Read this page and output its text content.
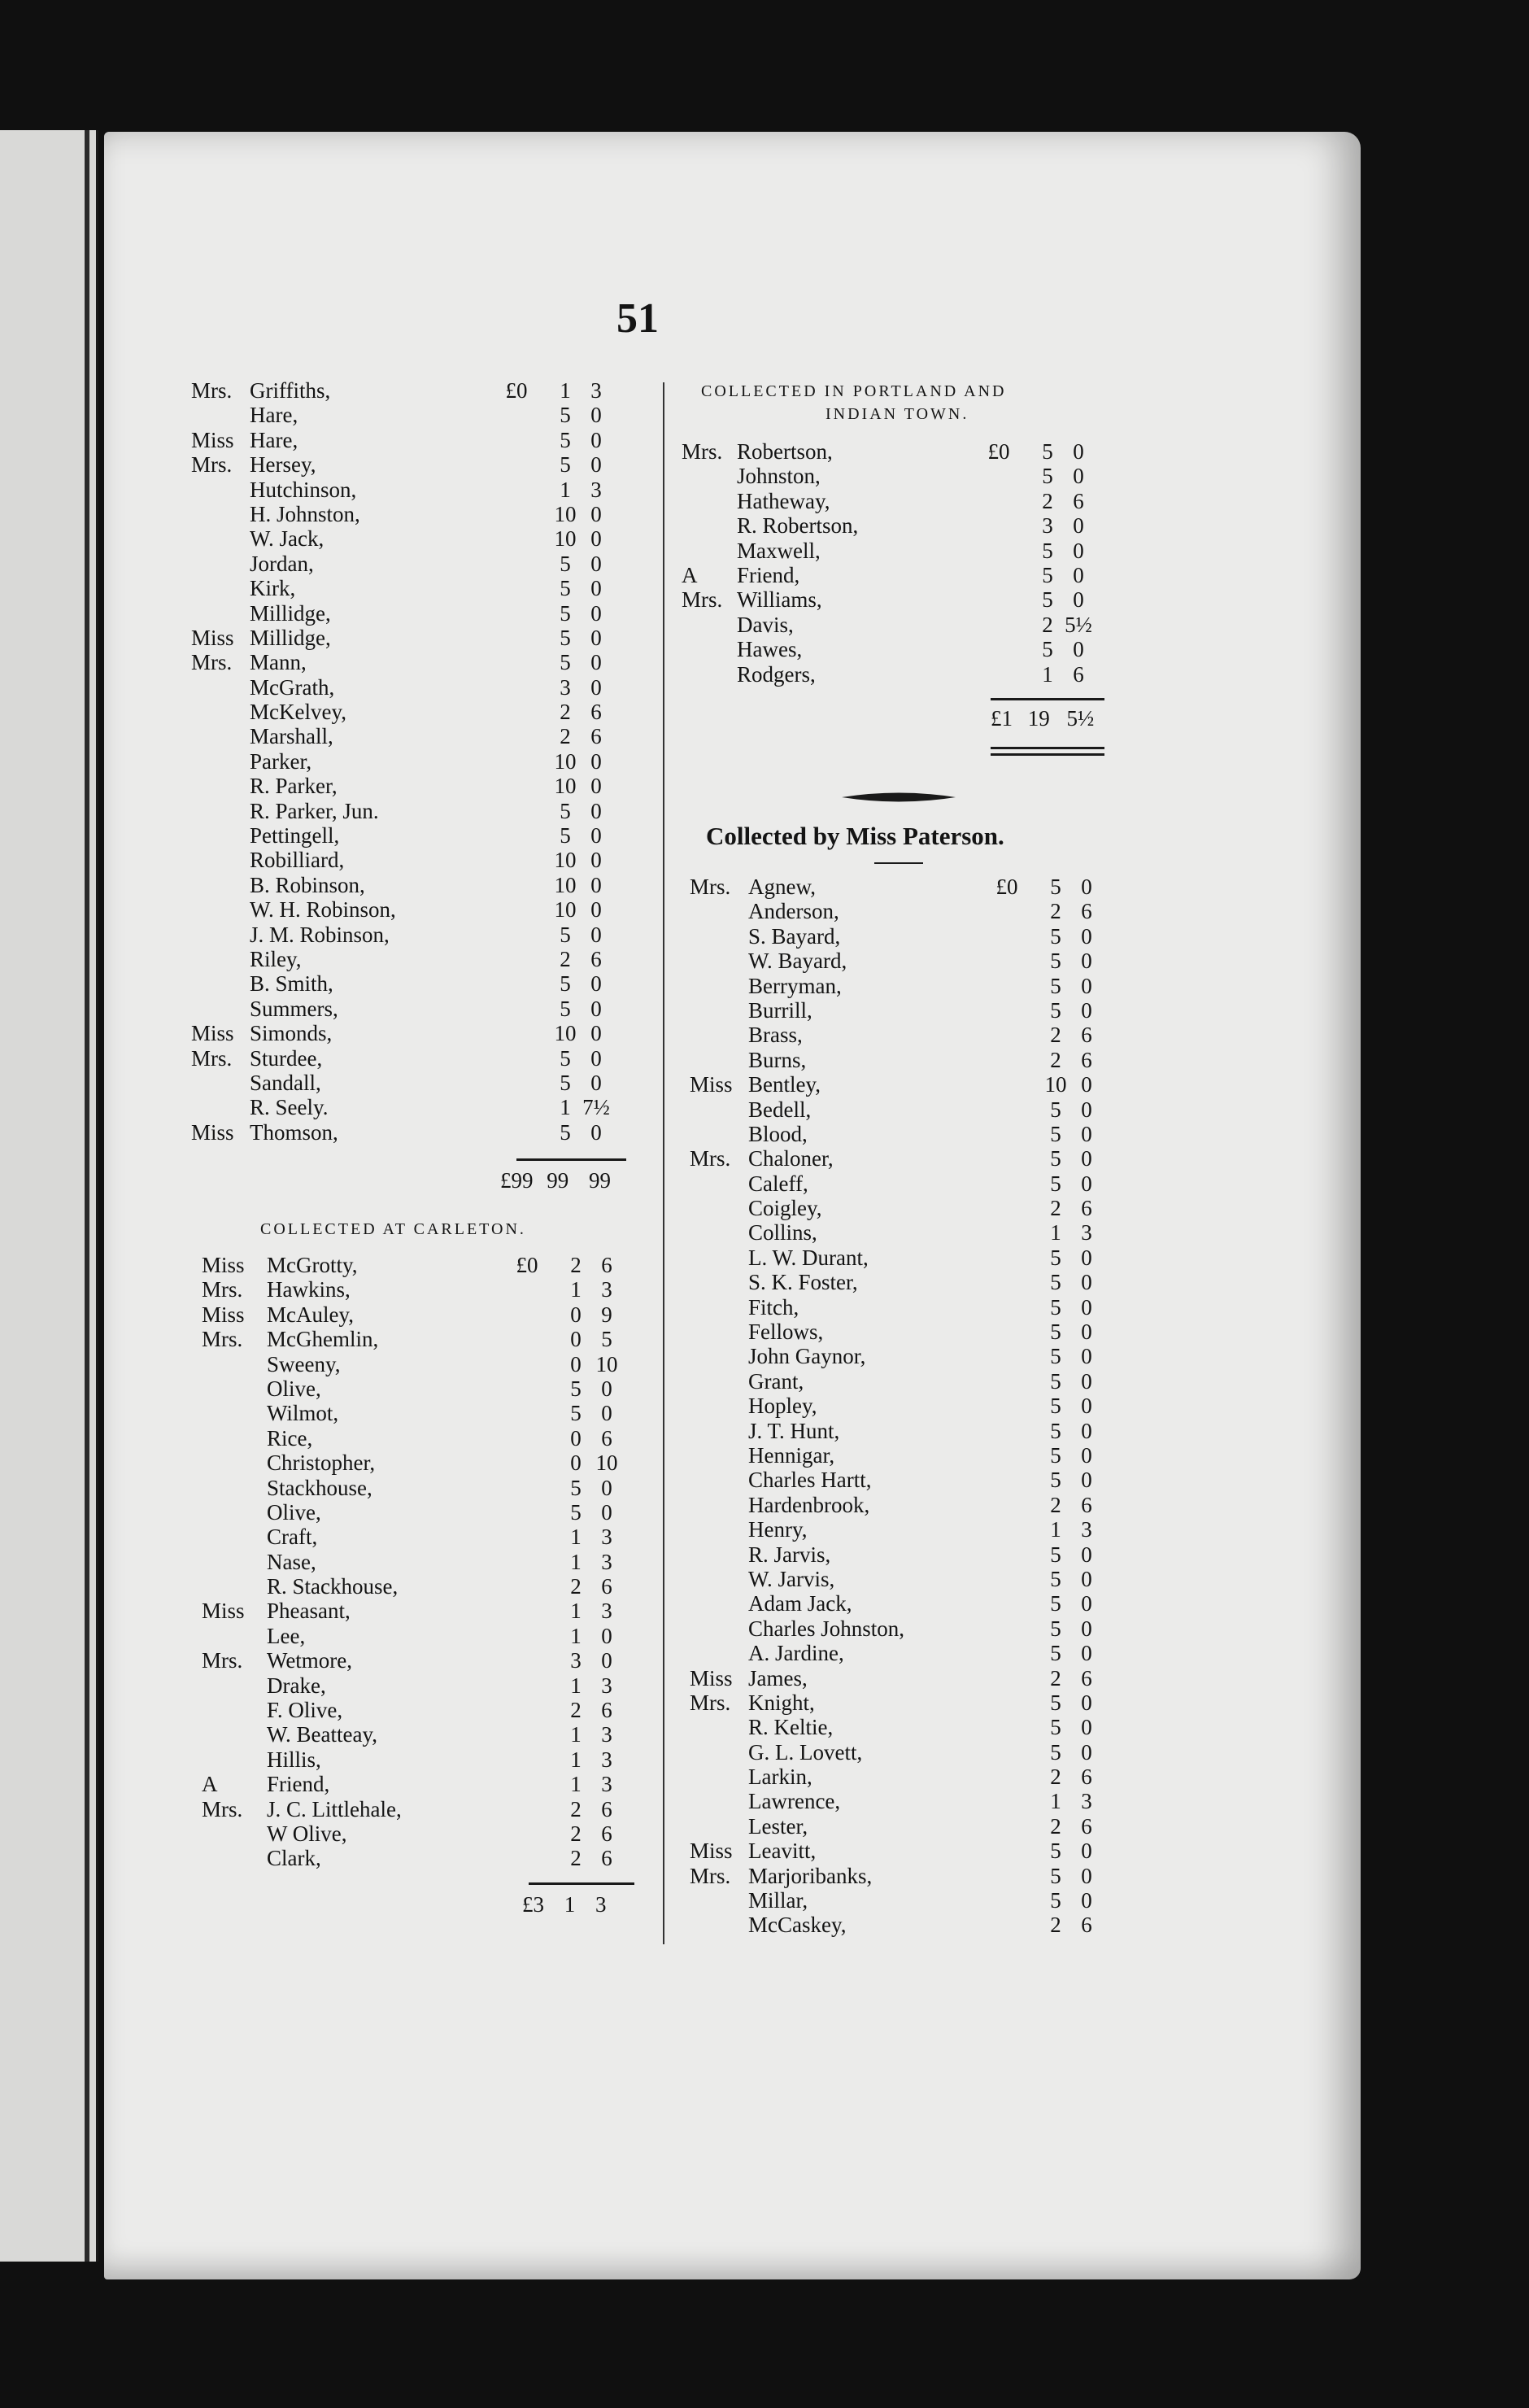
51
Mrs. Griffiths,	£0	1 3
Hare,	5 0
Miss Hare,	5 0
Mrs. Hersey,	5 0
Hutchinson,	1 3
H. Johnston,	10 0
W. Jack,	10 0
Jordan,	5 0
Kirk,	5 0
Millidge,	5 0
Miss Millidge,	5 0
Mrs. Mann,	5 0
McGrath,	3 0
McKelvey,	2 6
Marshall,	2 6
Parker,	10 0
R. Parker,	10 0
R. Parker, Jun.	5 0
Pettingell,	5 0
Robilliard,	10 0
B. Robinson,	10 0
W. H. Robinson,	10 0
J. M. Robinson,	5 0
Riley,	2 6
B. Smith,	5 0
Summers,	5 0
Miss Simonds,	10 0
Mrs. Sturdee,	5 0
Sandall,	5 0
R. Seely.	1 7½
Miss Thomson,	5 0
£99 99 99
COLLECTED AT CARLETON.
Miss McGrotty,	£0	2 6
Mrs. Hawkins,	1 3
Miss McAuley,	0 9
Mrs. McGhemlin,	0 5
Sweeny,	0 10
Olive,	5 0
Wilmot,	5 0
Rice,	0 6
Christopher,	0 10
Stackhouse,	5 0
Olive,	5 0
Craft,	1 3
Nase,	1 3
R. Stackhouse,	2 6
Miss Pheasant,	1 3
Lee,	1 0
Mrs. Wetmore,	3 0
Drake,	1 3
F. Olive,	2 6
W. Beatteay,	1 3
Hillis,	1 3
A Friend,	1 3
Mrs. J. C. Littlehale,	2 6
W Olive,	2 6
Clark,	2 6
£3 1 3
COLLECTED IN PORTLAND AND
INDIAN TOWN.
Mrs. Robertson,	£0	5 0
Johnston,	5 0
Hatheway,	2 6
R. Robertson,	3 0
Maxwell,	5 0
A Friend,	5 0
Mrs. Williams,	5 0
Davis,	2 5½
Hawes,	5 0
Rodgers,	1 6
£1 19 5½
Collected by Miss Paterson.
Mrs. Agnew,	£0	5 0
Anderson,	2 6
S. Bayard,	5 0
W. Bayard,	5 0
Berryman,	5 0
Burrill,	5 0
Brass,	2 6
Burns,	2 6
Miss Bentley,	10 0
Bedell,	5 0
Blood,	5 0
Mrs. Chaloner,	5 0
Caleff,	5 0
Coigley,	2 6
Collins,	1 3
L. W. Durant,	5 0
S. K. Foster,	5 0
Fitch,	5 0
Fellows,	5 0
John Gaynor,	5 0
Grant,	5 0
Hopley,	5 0
J. T. Hunt,	5 0
Hennigar,	5 0
Charles Hartt,	5 0
Hardenbrook,	2 6
Henry,	1 3
R. Jarvis,	5 0
W. Jarvis,	5 0
Adam Jack,	5 0
Charles Johnston,	5 0
A. Jardine,	5 0
Miss James,	2 6
Mrs. Knight,	5 0
R. Keltie,	5 0
G. L. Lovett,	5 0
Larkin,	2 6
Lawrence,	1 3
Lester,	2 6
Miss Leavitt,	5 0
Mrs. Marjoribanks,	5 0
Millar,	5 0
McCaskey,	2 6
